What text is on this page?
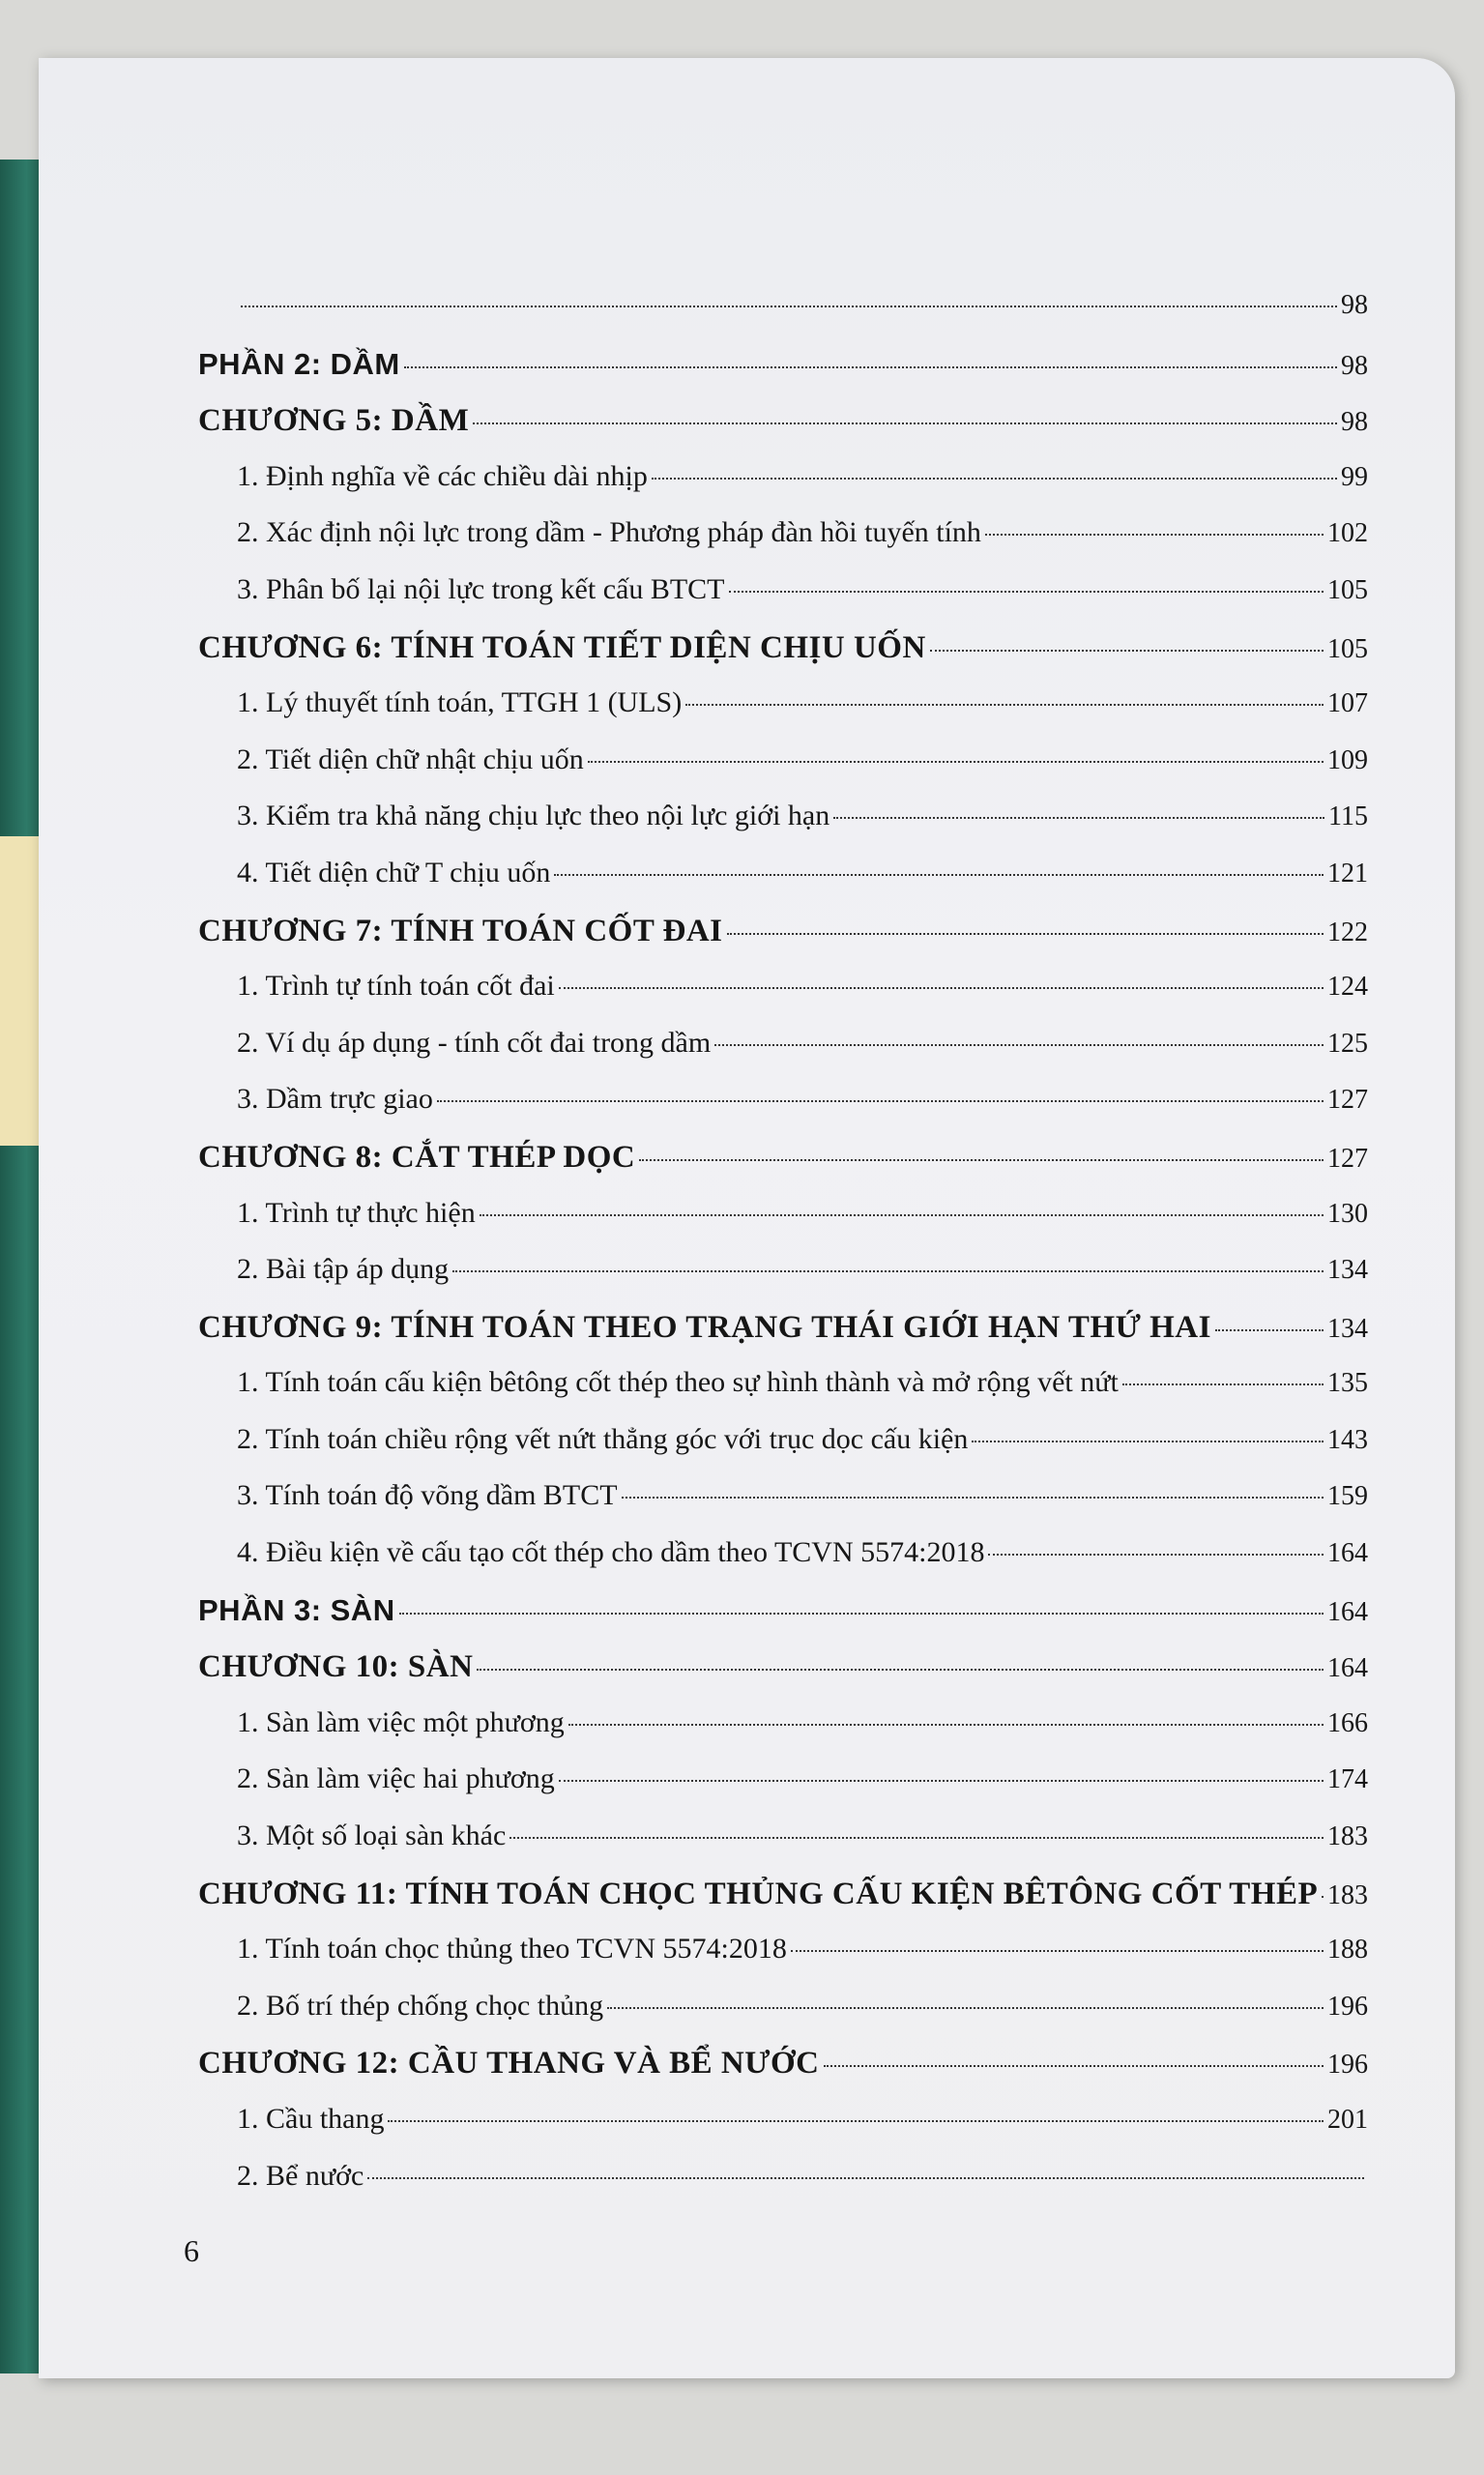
98
PHẦN 2: DẦM	98
CHƯƠNG 5: DẦM	98
1. Định nghĩa về các chiều dài nhịp	99
2. Xác định nội lực trong dầm - Phương pháp đàn hồi tuyến tính	102
3. Phân bố lại nội lực trong kết cấu BTCT	105
CHƯƠNG 6: TÍNH TOÁN TIẾT DIỆN CHỊU UỐN	105
1. Lý thuyết tính toán, TTGH 1 (ULS)	107
2. Tiết diện chữ nhật chịu uốn	109
3. Kiểm tra khả năng chịu lực theo nội lực giới hạn	115
4. Tiết diện chữ T chịu uốn	121
CHƯƠNG 7: TÍNH TOÁN CỐT ĐAI	122
1. Trình tự tính toán cốt đai	124
2. Ví dụ áp dụng - tính cốt đai trong dầm	125
3. Dầm trực giao	127
CHƯƠNG 8: CẮT THÉP DỌC	127
1. Trình tự thực hiện	130
2. Bài tập áp dụng	134
CHƯƠNG 9: TÍNH TOÁN THEO TRẠNG THÁI GIỚI HẠN THỨ HAI	134
1. Tính toán cấu kiện bêtông cốt thép theo sự hình thành và mở rộng vết nứt	135
2. Tính toán chiều rộng vết nứt thẳng góc với trục dọc cấu kiện	143
3. Tính toán độ võng dầm BTCT	159
4. Điều kiện về cấu tạo cốt thép cho dầm theo TCVN 5574:2018	164
PHẦN 3: SÀN	164
CHƯƠNG 10: SÀN	164
1. Sàn làm việc một phương	166
2. Sàn làm việc hai phương	174
3. Một số loại sàn khác	183
CHƯƠNG 11: TÍNH TOÁN CHỌC THỦNG CẤU KIỆN BÊTÔNG CỐT THÉP 183
1. Tính toán chọc thủng theo TCVN 5574:2018	188
2. Bố trí thép chống chọc thủng	196
CHƯƠNG 12: CẦU THANG VÀ BỂ NƯỚC	196
1. Cầu thang	201
2. Bể nước
6
